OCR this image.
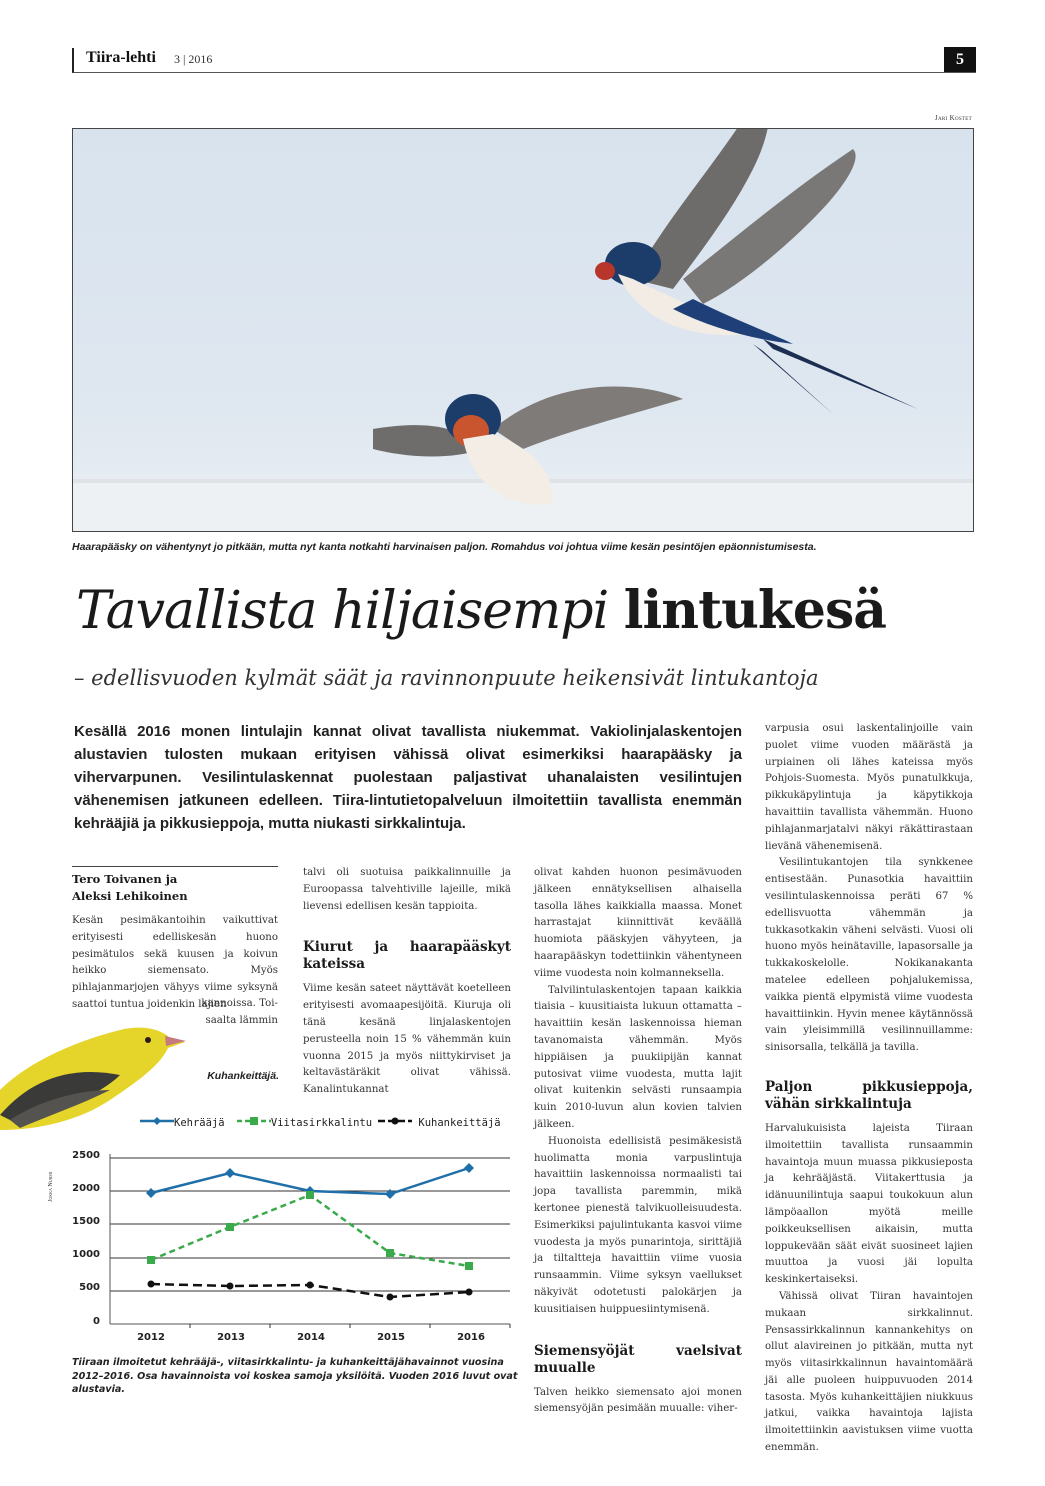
Tiira-lehti 3 | 2016	5
Jari Kostet
Haarapääsky on vähentynyt jo pitkään, mutta nyt kanta notkahti harvinaisen paljon. Romahdus voi johtua viime kesän pesintöjen epäonnistumisesta.
Tavallista hiljaisempi lintukesä
– edellisvuoden kylmät säät ja ravinnonpuute heikensivät lintukantoja
Kesällä 2016 monen lintulajin kannat olivat tavallista niukemmat. Vakiolinjalaskentojen alustavien tulosten mukaan erityisen vähissä olivat esimerkiksi haarapääsky ja vihervarpunen. Vesilintulaskennat puolestaan paljastivat uhanalaisten vesilintujen vähenemisen jatkuneen edelleen. Tiira-lintutietopalveluun ilmoitettiin tavallista enemmän kehrääjiä ja pikkusieppoja, mutta niukasti sirkkalintuja.
Tero Toivanen ja
Aleksi Lehikoinen

Kesän pesimäkantoihin vaikuttivat erityisesti edelliskesän huono pesimätulos sekä kuusen ja koivun heikko siemensato. Myös pihlajanmarjojen vähyys viime syksynä saattoi tuntua joidenkin lajien

kannoissa. Toi-
saalta lämmin
Kuhankeittäjä.

talvi oli suotuisa paikkalinnuille ja Euroopassa talvehtiville lajeille, mikä lievensi edellisen kesän tappioita.

Kiurut ja haarapääskyt kateissa

Viime kesän sateet näyttävät koetelleen erityisesti avomaapesijöitä. Kiuruja oli tänä kesänä linjalaskentojen perusteella noin 15 % vähemmän kuin vuonna 2015 ja myös niittykirviset ja keltavästäräkit olivat vähissä. Kanalintukannat

olivat kahden huonon pesimävuoden jälkeen ennätyksellisen alhaisella tasolla lähes kaikkialla maassa. Monet harrastajat kiinnittivät keväällä huomiota pääskyjen vähyyteen, ja haarapääskyn todettiinkin vähentyneen viime vuodesta noin kolmanneksella.

Talvilintulaskentojen tapaan kaikkia tiaisia – kuusitiaista lukuun ottamatta – havaittiin kesän laskennoissa hieman tavanomaista vähemmän. Myös hippiäisen ja puukiipijän kannat putosivat viime vuodesta, mutta lajit olivat kuitenkin selvästi runsaampia kuin 2010-luvun alun kovien talvien jälkeen.

Huonoista edellisistä pesimäkesistä huolimatta monia varpuslintuja havaittiin laskennoissa normaalisti tai jopa tavallista paremmin, mikä kertonee pienestä talvikuolleisuudesta. Esimerkiksi pajulintukanta kasvoi viime vuodesta ja myös punarintoja, sirittäjiä ja tiltaltteja havaittiin viime vuosia runsaammin. Viime syksyn vaellukset näkyivät odotetusti palokärjen ja kuusitiaisen huippuesiintymisenä.

Siemensyöjät vaelsivat muualle

Talven heikko siemensato ajoi monen siemensyöjän pesimään muualle: viher-

varpusia osui laskentalinjoille vain puolet viime vuoden määrästä ja urpiainen oli lähes kateissa myös Pohjois-Suomesta. Myös punatulkkuja, pikkukäpylintuja ja käpytikkoja havaittiin tavallista vähemmän. Huono pihlajanmarjatalvi näkyi räkättirastaan lievänä vähenemisenä.

Vesilintukantojen tila synkkenee entisestään. Punasotkia havaittiin vesilintulaskennoissa peräti 67 % edellisvuotta vähemmän ja tukkasotkakin väheni selvästi. Vuosi oli huono myös heinätaville, lapasorsalle ja tukkakoskelolle. Nokikanakanta matelee edelleen pohjalukemissa, vaikka pientä elpymistä viime vuodesta havaittiinkin. Hyvin menee käytännössä vain yleisimmillä vesilinnuillamme: sinisorsalla, telkällä ja tavilla.

Paljon pikkusieppoja, vähän sirkkalintuja

Harvalukuisista lajeista Tiiraan ilmoitettiin tavallista runsaammin havaintoja muun muassa pikkusieposta ja kehrääjästä. Viitakerttusia ja idänuunilintuja saapui toukokuun alun lämpöaallon myötä meille poikkeuksellisen aikaisin, mutta loppukevään säät eivät suosineet lajien muuttoa ja vuosi jäi lopulta keskinkertaiseksi.

Vähissä olivat Tiiran havaintojen mukaan sirkkalinnut. Pensassirkkalinnun kannankehitys on ollut alavireinen jo pitkään, mutta nyt myös viitasirkkalinnun havaintomäärä jäi alle puoleen huippuvuoden 2014 tasosta. Myös kuhankeittäjien niukkuus jatkui, vaikka havaintoja lajista ilmoitettiinkin aavistuksen viime vuotta enemmän.

Jukka Nurmi
Kehrääjä	Viitasirkkalintu	Kuhankeittäjä
2500
2000
1500
1000
500
0
2012	2013	2014	2015	2016
Tiiraan ilmoitetut kehrääjä-, viitasirkkalintu- ja kuhankeittäjähavainnot vuosina 2012–2016. Osa havainnoista voi koskea samoja yksilöitä. Vuoden 2016 luvut ovat alustavia.
